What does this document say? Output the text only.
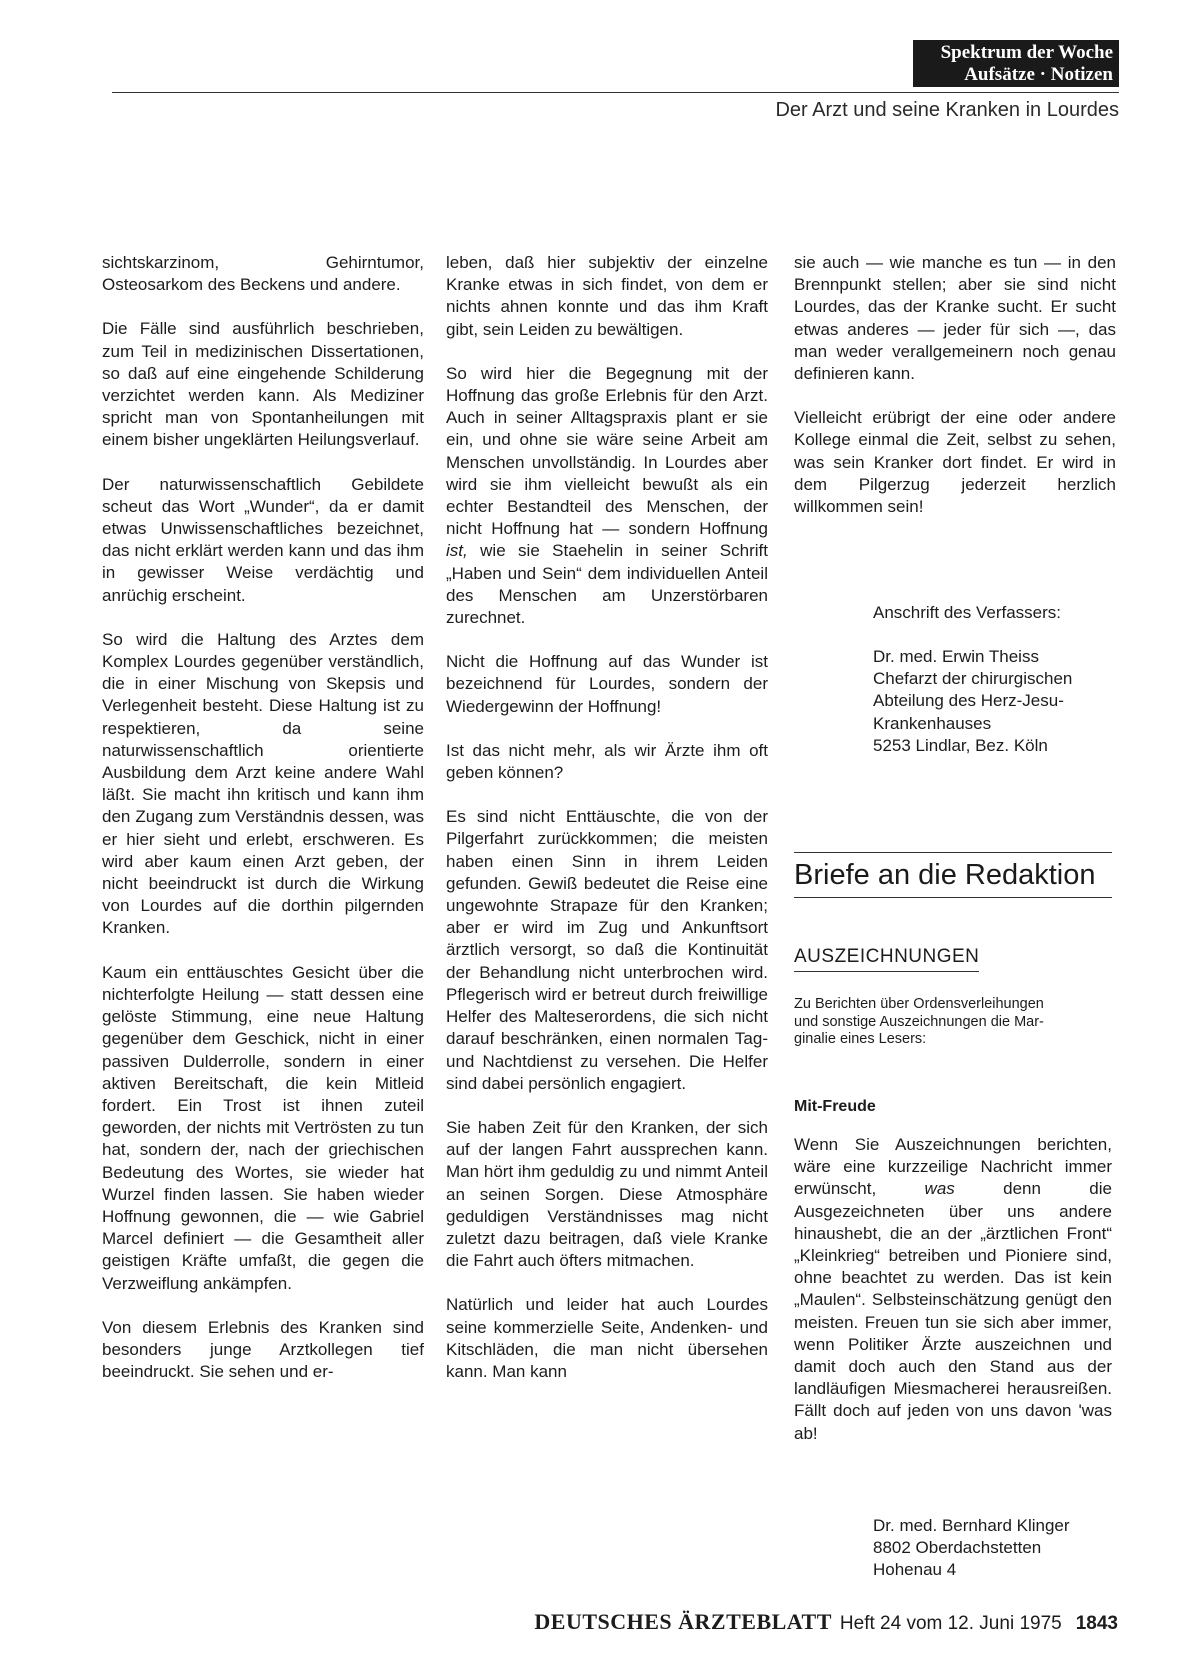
Spektrum der Woche
Aufsätze · Notizen
Der Arzt und seine Kranken in Lourdes

sichtskarzinom, Gehirntumor,
Osteosarkom des Beckens und andere.

Die Fälle sind ausführlich beschrieben, zum Teil in medizinischen Dissertationen, so daß auf eine eingehende Schilderung verzichtet werden kann. Als Mediziner spricht man von Spontanheilungen mit einem bisher ungeklärten Heilungsverlauf.

Der naturwissenschaftlich Gebildete scheut das Wort „Wunder“, da er damit etwas Unwissenschaftliches bezeichnet, das nicht erklärt werden kann und das ihm in gewisser Weise verdächtig und anrüchig erscheint.

So wird die Haltung des Arztes dem Komplex Lourdes gegenüber verständlich, die in einer Mischung von Skepsis und Verlegenheit besteht. Diese Haltung ist zu respektieren, da seine naturwissenschaftlich orientierte Ausbildung dem Arzt keine andere Wahl läßt. Sie macht ihn kritisch und kann ihm den Zugang zum Verständnis dessen, was er hier sieht und erlebt, erschweren. Es wird aber kaum einen Arzt geben, der nicht beeindruckt ist durch die Wirkung von Lourdes auf die dorthin pilgernden Kranken.

Kaum ein enttäuschtes Gesicht über die nichterfolgte Heilung — statt dessen eine gelöste Stimmung, eine neue Haltung gegenüber dem Geschick, nicht in einer passiven Dulderrolle, sondern in einer aktiven Bereitschaft, die kein Mitleid fordert. Ein Trost ist ihnen zuteil geworden, der nichts mit Vertrösten zu tun hat, sondern der, nach der griechischen Bedeutung des Wortes, sie wieder hat Wurzel finden lassen. Sie haben wieder Hoffnung gewonnen, die — wie Gabriel Marcel definiert — die Gesamtheit aller geistigen Kräfte umfaßt, die gegen die Verzweiflung ankämpfen.

Von diesem Erlebnis des Kranken sind besonders junge Arztkollegen tief beeindruckt. Sie sehen und er-

leben, daß hier subjektiv der einzelne Kranke etwas in sich findet, von dem er nichts ahnen konnte und das ihm Kraft gibt, sein Leiden zu bewältigen.

So wird hier die Begegnung mit der Hoffnung das große Erlebnis für den Arzt. Auch in seiner Alltagspraxis plant er sie ein, und ohne sie wäre seine Arbeit am Menschen unvollständig. In Lourdes aber wird sie ihm vielleicht bewußt als ein echter Bestandteil des Menschen, der nicht Hoffnung hat — sondern Hoffnung ist, wie sie Staehelin in seiner Schrift „Haben und Sein“ dem individuellen Anteil des Menschen am Unzerstörbaren zurechnet.

Nicht die Hoffnung auf das Wunder ist bezeichnend für Lourdes, sondern der Wiedergewinn der Hoffnung!

Ist das nicht mehr, als wir Ärzte ihm oft geben können?

Es sind nicht Enttäuschte, die von der Pilgerfahrt zurückkommen; die meisten haben einen Sinn in ihrem Leiden gefunden. Gewiß bedeutet die Reise eine ungewohnte Strapaze für den Kranken; aber er wird im Zug und Ankunftsort ärztlich versorgt, so daß die Kontinuität der Behandlung nicht unterbrochen wird. Pflegerisch wird er betreut durch freiwillige Helfer des Malteserordens, die sich nicht darauf beschränken, einen normalen Tag- und Nachtdienst zu versehen. Die Helfer sind dabei persönlich engagiert.

Sie haben Zeit für den Kranken, der sich auf der langen Fahrt aussprechen kann. Man hört ihm geduldig zu und nimmt Anteil an seinen Sorgen. Diese Atmosphäre geduldigen Verständnisses mag nicht zuletzt dazu beitragen, daß viele Kranke die Fahrt auch öfters mitmachen.

Natürlich und leider hat auch Lourdes seine kommerzielle Seite, Andenken- und Kitschläden, die man nicht übersehen kann. Man kann

sie auch — wie manche es tun — in den Brennpunkt stellen; aber sie sind nicht Lourdes, das der Kranke sucht. Er sucht etwas anderes — jeder für sich —, das man weder verallgemeinern noch genau definieren kann.

Vielleicht erübrigt der eine oder andere Kollege einmal die Zeit, selbst zu sehen, was sein Kranker dort findet. Er wird in dem Pilgerzug jederzeit herzlich willkommen sein!

Anschrift des Verfassers:
Dr. med. Erwin Theiss
Chefarzt der chirurgischen
Abteilung des Herz-Jesu-
Krankenhauses
5253 Lindlar, Bez. Köln
Briefe an die Redaktion
AUSZEICHNUNGEN
Zu Berichten über Ordensverleihungen
und sonstige Auszeichnungen die Mar-
ginalie eines Lesers:
Mit-Freude
Wenn Sie Auszeichnungen berichten, wäre eine kurzzeilige Nachricht immer erwünscht,	was	denn die Ausgezeichneten über uns andere hinaushebt, die an der „ärztlichen Front“ „Kleinkrieg“ betreiben und Pioniere sind, ohne beachtet zu werden. Das ist kein „Maulen“. Selbsteinschätzung genügt den meisten. Freuen tun sie sich aber immer, wenn Politiker Ärzte auszeichnen und damit doch auch den Stand aus der landläufigen Miesmacherei herausreißen. Fällt doch auf jeden von uns davon 'was ab!
Dr. med. Bernhard Klinger
8802 Oberdachstetten
Hohenau 4
DEUTSCHES ÄRZTEBLATT Heft 24 vom 12. Juni 1975 1843
